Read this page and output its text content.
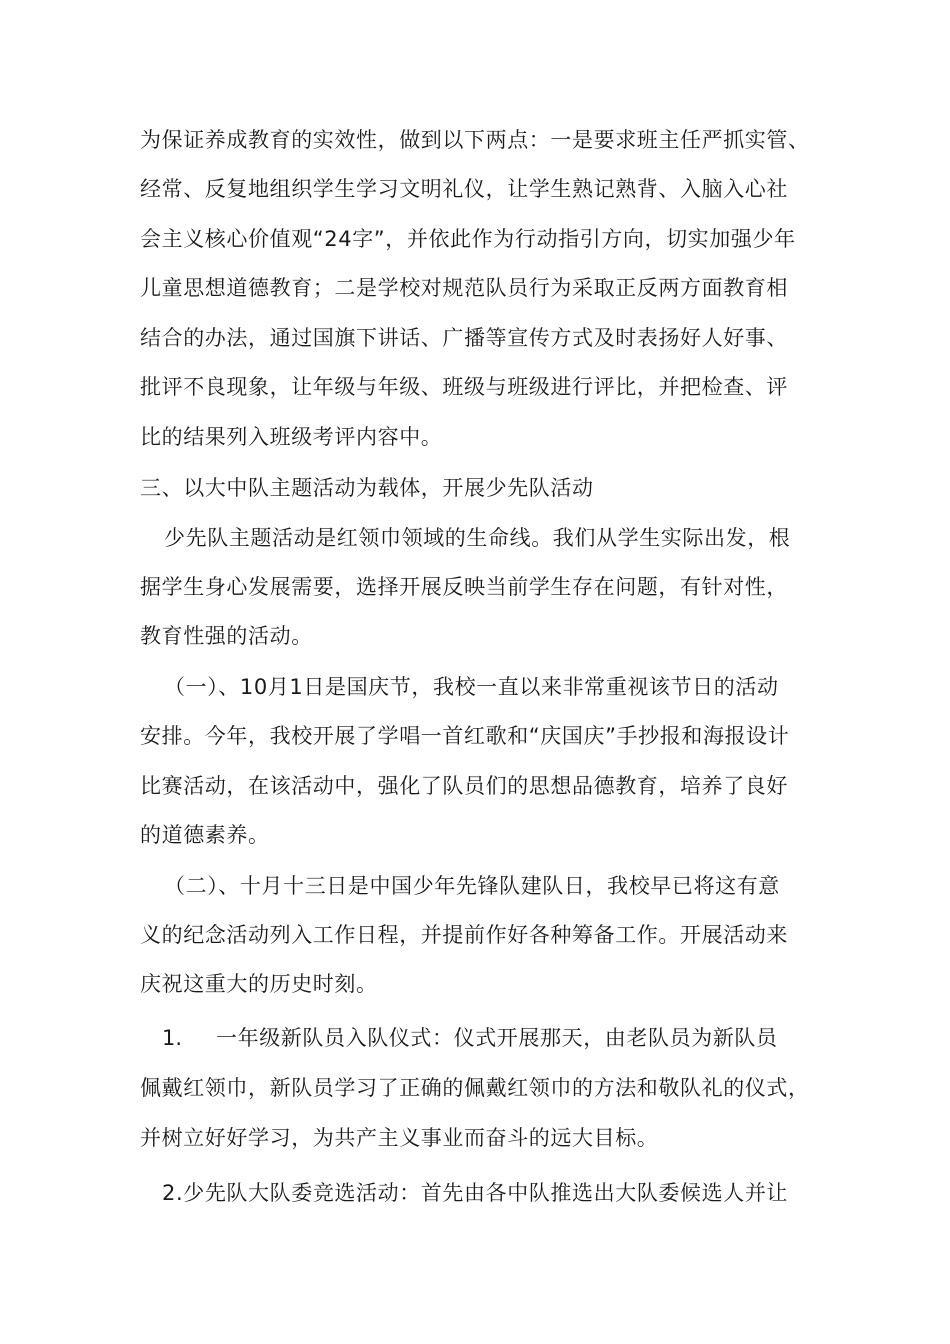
为保证养成教育的实效性，做到以下两点：一是要求班主任严抓实管、
经常、反复地组织学生学习文明礼仪，让学生熟记熟背、入脑入心社
会主义核心价值观“24字”，并依此作为行动指引方向，切实加强少年
儿童思想道德教育；二是学校对规范队员行为采取正反两方面教育相
结合的办法，通过国旗下讲话、广播等宣传方式及时表扬好人好事、
批评不良现象，让年级与年级、班级与班级进行评比，并把检查、评
比的结果列入班级考评内容中。
三、以大中队主题活动为载体，开展少先队活动
少先队主题活动是红领巾领域的生命线。我们从学生实际出发，根
据学生身心发展需要，选择开展反映当前学生存在问题，有针对性，
教育性强的活动。
（一）、10月1日是国庆节，我校一直以来非常重视该节日的活动
安排。今年，我校开展了学唱一首红歌和“庆国庆”手抄报和海报设计
比赛活动，在该活动中，强化了队员们的思想品德教育，培养了良好
的道德素养。
（二）、十月十三日是中国少年先锋队建队日，我校早已将这有意
义的纪念活动列入工作日程，并提前作好各种筹备工作。开展活动来
庆祝这重大的历史时刻。
1. 一年级新队员入队仪式：仪式开展那天，由老队员为新队员
佩戴红领巾，新队员学习了正确的佩戴红领巾的方法和敬队礼的仪式，
并树立好好学习，为共产主义事业而奋斗的远大目标。
2.少先队大队委竞选活动：首先由各中队推选出大队委候选人并让
